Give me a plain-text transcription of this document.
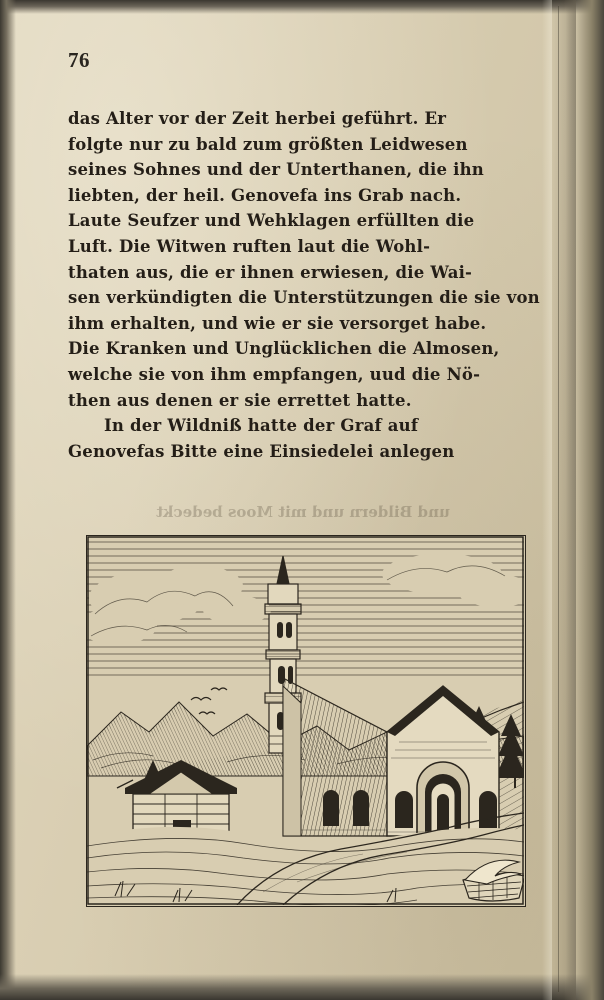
76
das Alter vor der Zeit herbei geführt. Er
folgte nur zu bald zum größten Leidwesen
seines Sohnes und der Unterthanen, die ihn
liebten, der heil. Genovefa ins Grab nach.
Laute Seufzer und Wehklagen erfüllten die
Luft. Die Witwen ruften laut die Wohl-
thaten aus, die er ihnen erwiesen, die Wai-
sen verkündigten die Unterstützungen die sie von
ihm erhalten, und wie er sie versorget habe.
Die Kranken und Unglücklichen die Almosen,
welche sie von ihm empfangen, uud die Nö-
then aus denen er sie errettet hatte.
In der Wildniß hatte der Graf auf
Genovefas Bitte eine Einsiedelei anlegen
und Bildern und mit Moos bedeckt
